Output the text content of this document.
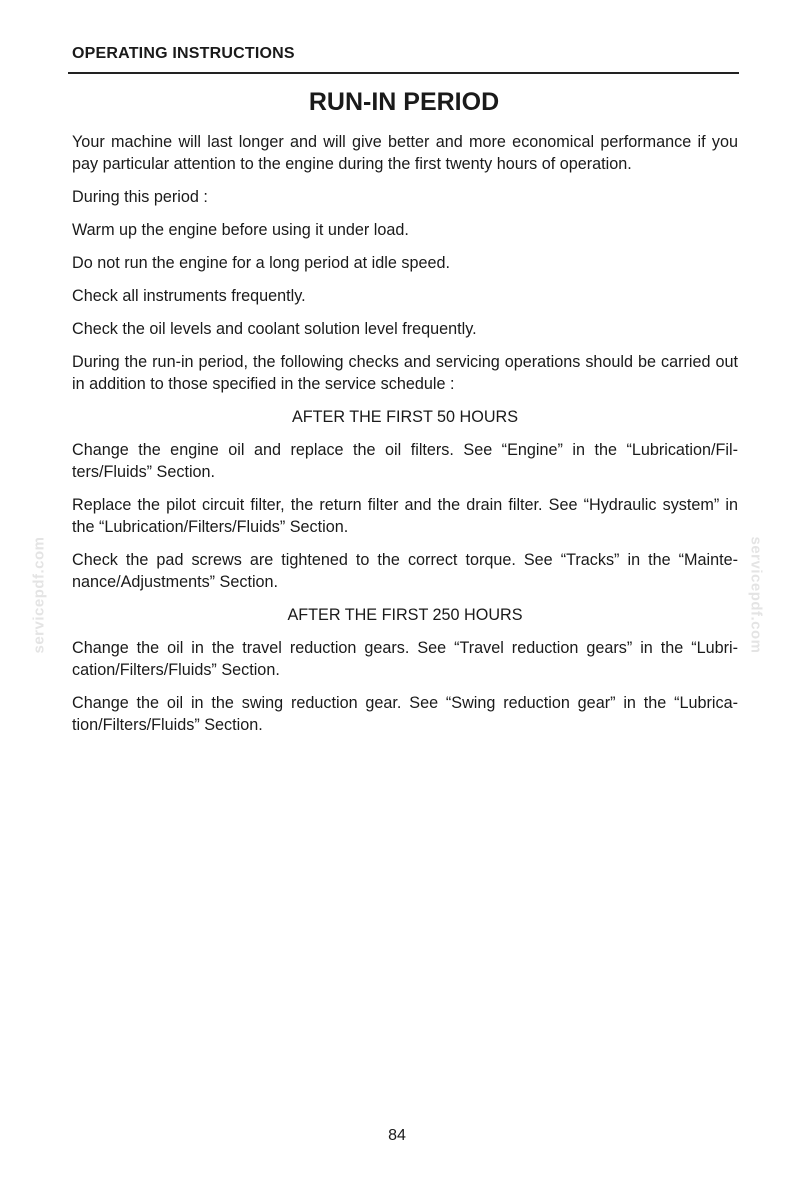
OPERATING INSTRUCTIONS
RUN-IN PERIOD

Your machine will last longer and will give better and more economical performance if you pay particular attention to the engine during the first twenty hours of operation.

During this period :

Warm up the engine before using it under load.

Do not run the engine for a long period at idle speed.

Check all instruments frequently.

Check the oil levels and coolant solution level frequently.

During the run-in period, the following checks and servicing operations should be carried out in addition to those specified in the service schedule :

AFTER THE FIRST 50 HOURS

Change the engine oil and replace the oil filters. See “Engine” in the “Lubrication/Filters/Fluids” Section.

Replace the pilot circuit filter, the return filter and the drain filter. See “Hydraulic system” in the “Lubrication/Filters/Fluids” Section.

Check the pad screws are tightened to the correct torque. See “Tracks” in the “Maintenance/Adjustments” Section.

AFTER THE FIRST 250 HOURS

Change the oil in the travel reduction gears. See “Travel reduction gears” in the “Lubrication/Filters/Fluids” Section.

Change the oil in the swing reduction gear. See “Swing reduction gear” in the “Lubrication/Filters/Fluids” Section.

servicepdf.com	servicepdf.com
84
